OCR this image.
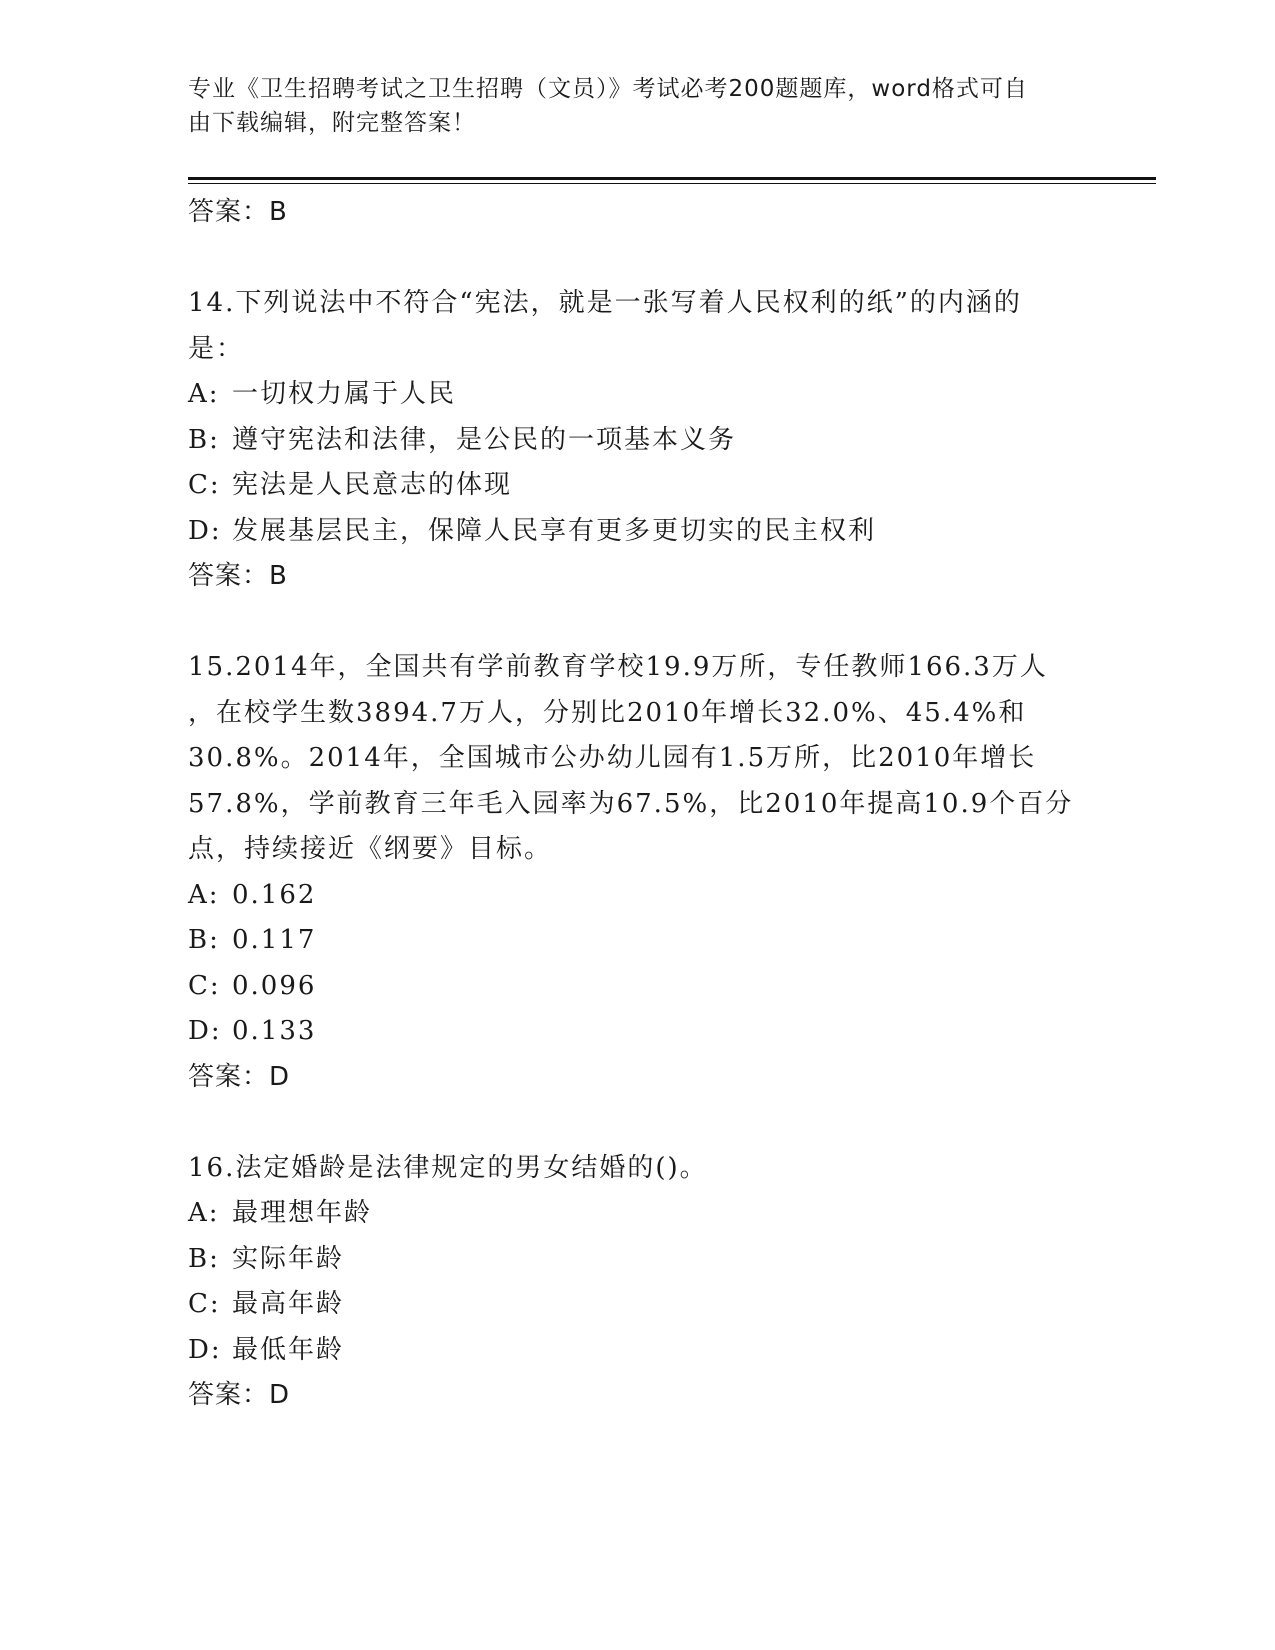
专业《卫生招聘考试之卫生招聘（文员）》考试必考200题题库，word格式可自
由下载编辑，附完整答案！
答案：B
14.下列说法中不符合“宪法，就是一张写着人民权利的纸”的内涵的
是：
A: 一切权力属于人民
B: 遵守宪法和法律，是公民的一项基本义务
C: 宪法是人民意志的体现
D: 发展基层民主，保障人民享有更多更切实的民主权利
答案：B
15.2014年，全国共有学前教育学校19.9万所，专任教师166.3万人
，在校学生数3894.7万人，分别比2010年增长32.0%、45.4%和
30.8%。2014年，全国城市公办幼儿园有1.5万所，比2010年增长
57.8%，学前教育三年毛入园率为67.5%，比2010年提高10.9个百分
点，持续接近《纲要》目标。
A: 0.162
B: 0.117
C: 0.096
D: 0.133
答案：D
16.法定婚龄是法律规定的男女结婚的()。
A: 最理想年龄
B: 实际年龄
C: 最高年龄
D: 最低年龄
答案：D
